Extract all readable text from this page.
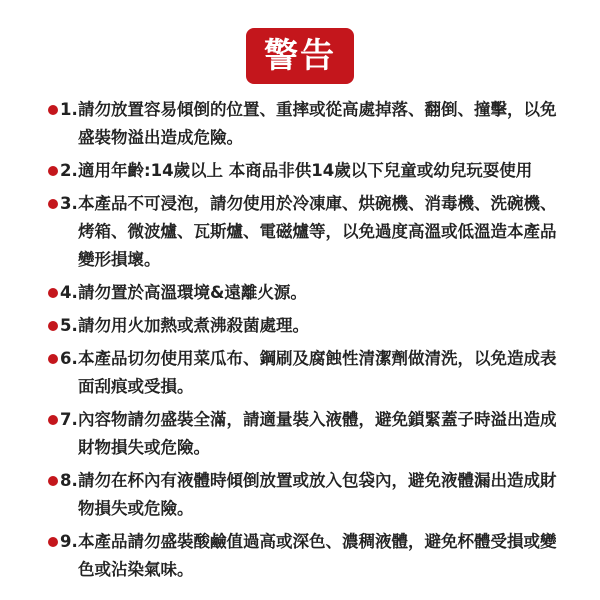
警告
1. 請勿放置容易傾倒的位置、重摔或從高處掉落、翻倒、撞擊，以免盛裝物溢出造成危險。
2. 適用年齡:14歲以上 本商品非供14歲以下兒童或幼兒玩耍使用
3. 本產品不可浸泡，請勿使用於冷凍庫、烘碗機、消毒機、洗碗機、烤箱、微波爐、瓦斯爐、電磁爐等，以免過度高溫或低溫造本產品變形損壞。
4. 請勿置於高溫環境&遠離火源。
5. 請勿用火加熱或煮沸殺菌處理。
6. 本產品切勿使用菜瓜布、鋼刷及腐蝕性清潔劑做清洗，以免造成表面刮痕或受損。
7. 內容物請勿盛裝全滿，請適量裝入液體，避免鎖緊蓋子時溢出造成財物損失或危險。
8. 請勿在杯內有液體時傾倒放置或放入包袋內，避免液體漏出造成財物損失或危險。
9. 本產品請勿盛裝酸鹼值過高或深色、濃稠液體，避免杯體受損或變色或沾染氣味。
